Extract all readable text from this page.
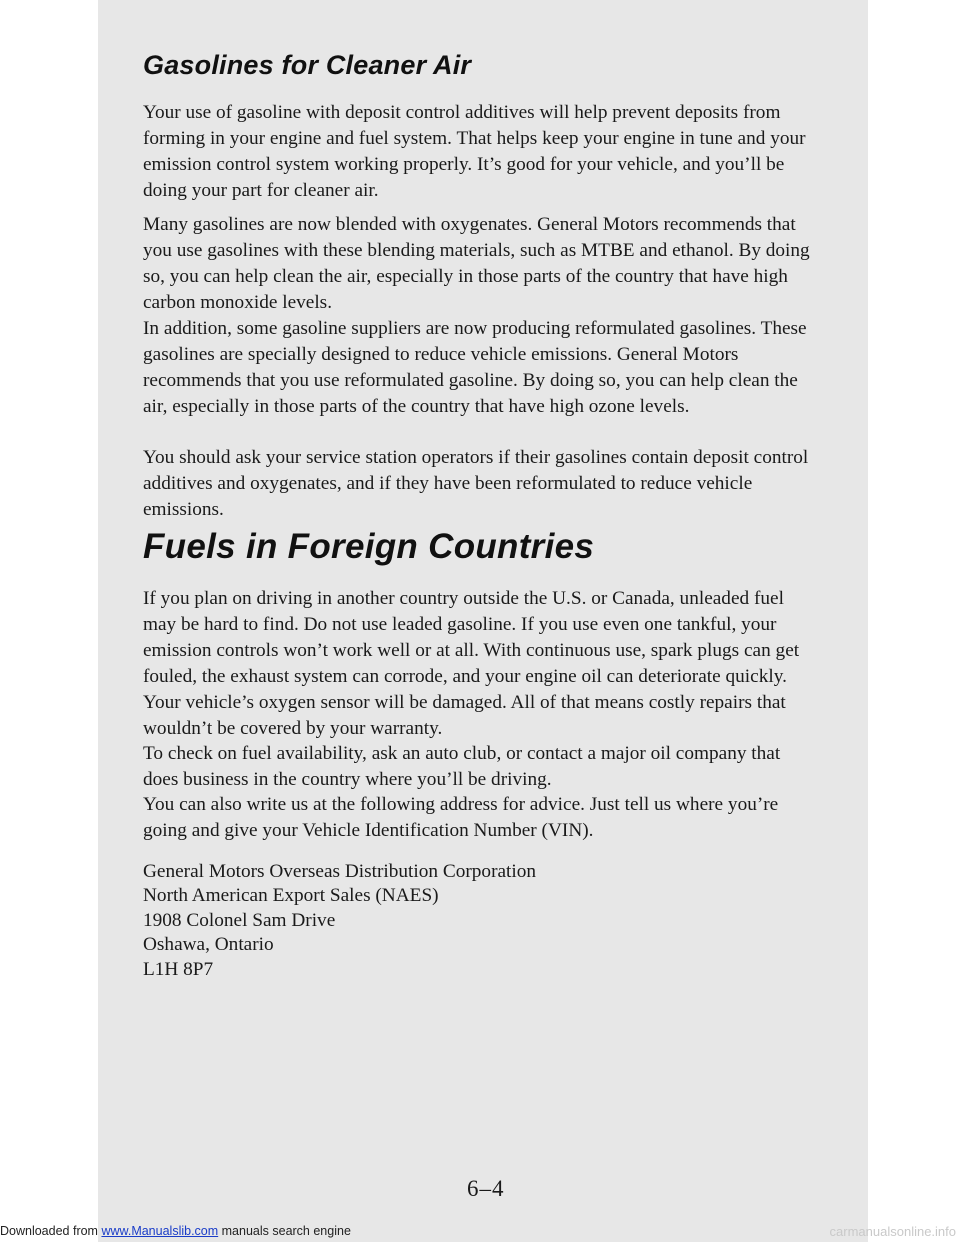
Gasolines for Cleaner Air

Your use of gasoline with deposit control additives will help prevent deposits from forming in your engine and fuel system. That helps keep your engine in tune and your emission control system working properly. It’s good for your vehicle, and you’ll be doing your part for cleaner air.

Many gasolines are now blended with oxygenates. General Motors recommends that you use gasolines with these blending materials, such as MTBE and ethanol. By doing so, you can help clean the air, especially in those parts of the country that have high carbon monoxide levels.

In addition, some gasoline suppliers are now producing reformulated gasolines. These gasolines are specially designed to reduce vehicle emissions. General Motors recommends that you use reformulated gasoline. By doing so, you can help clean the air, especially in those parts of the country that have high ozone levels.

You should ask your service station operators if their gasolines contain deposit control additives and oxygenates, and if they have been reformulated to reduce vehicle emissions.

Fuels in Foreign Countries

If you plan on driving in another country outside the U.S. or Canada, unleaded fuel may be hard to find. Do not use leaded gasoline. If you use even one tankful, your emission controls won’t work well or at all. With continuous use, spark plugs can get fouled, the exhaust system can corrode, and your engine oil can deteriorate quickly. Your vehicle’s oxygen sensor will be damaged. All of that means costly repairs that wouldn’t be covered by your warranty.

To check on fuel availability, ask an auto club, or contact a major oil company that does business in the country where you’ll be driving.

You can also write us at the following address for advice. Just tell us where you’re going and give your Vehicle Identification Number (VIN).

General Motors Overseas Distribution Corporation
North American Export Sales (NAES)
1908 Colonel Sam Drive
Oshawa, Ontario
L1H 8P7
6–4
Downloaded from www.Manualslib.com manuals search engine	carmanualsonline.info
